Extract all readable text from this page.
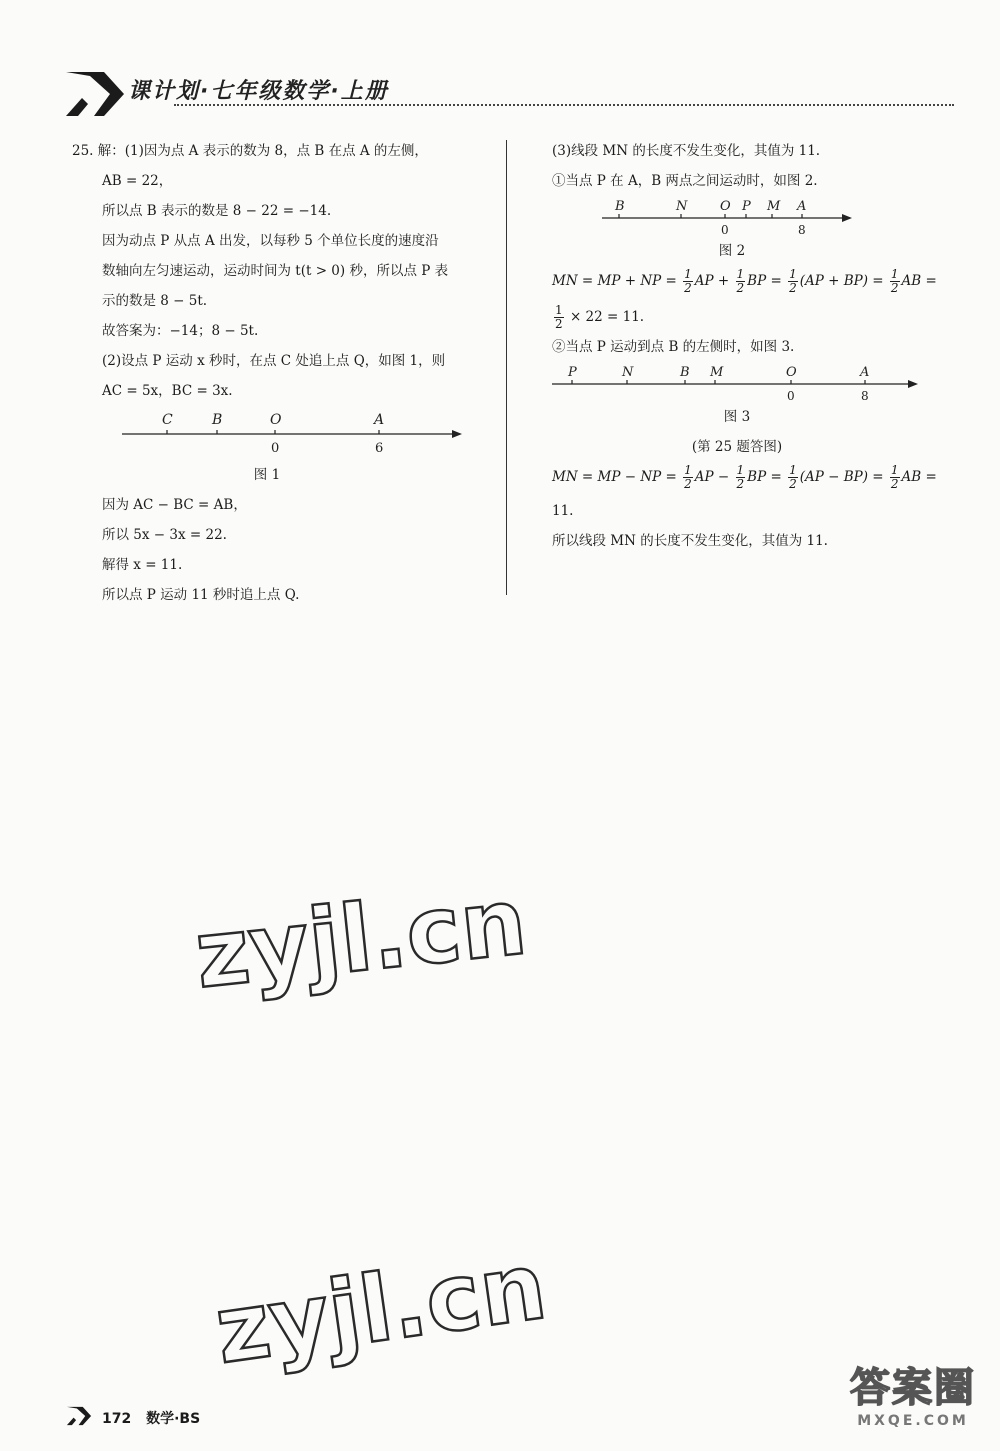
课计划·七年级数学·上册
25. 解：(1)因为点 A 表示的数为 8，点 B 在点 A 的左侧，
AB = 22，
所以点 B 表示的数是 8 − 22 = −14.
因为动点 P 从点 A 出发，以每秒 5 个单位长度的速度沿
数轴向左匀速运动，运动时间为 t(t > 0) 秒，所以点 P 表
示的数是 8 − 5t.
故答案为：−14；8 − 5t.
(2)设点 P 运动 x 秒时，在点 C 处追上点 Q，如图 1，则
AC = 5x，BC = 3x.
C	B	O	A
0	6
图 1
因为 AC − BC = AB，
所以 5x − 3x = 22.
解得 x = 11.
所以点 P 运动 11 秒时追上点 Q.
(3)线段 MN 的长度不发生变化，其值为 11.
①当点 P 在 A，B 两点之间运动时，如图 2.
B	N	O P M A
0	8
图 2
MN = MP + NP = $\frac{1}{2}$ AP + $\frac{1}{2}$ BP = $\frac{1}{2} (AP + BP) = \frac{1}{2}$ AB =
$\frac{1}{2} \times 22 = 11$.
②当点 P 运动到点 B 的左侧时，如图 3.
P	N	B M	O	A
0	8
图 3
(第 25 题答图)
MN = MP − NP = $\frac{1}{2}$ AP − $\frac{1}{2}$ BP = $\frac{1}{2} (AP - BP) = \frac{1}{2}$ AB =
11.
所以线段 MN 的长度不发生变化，其值为 11.
zyjl.cn
zyjl.cn
答案圈
MXQE.COM
172 数学·BS
